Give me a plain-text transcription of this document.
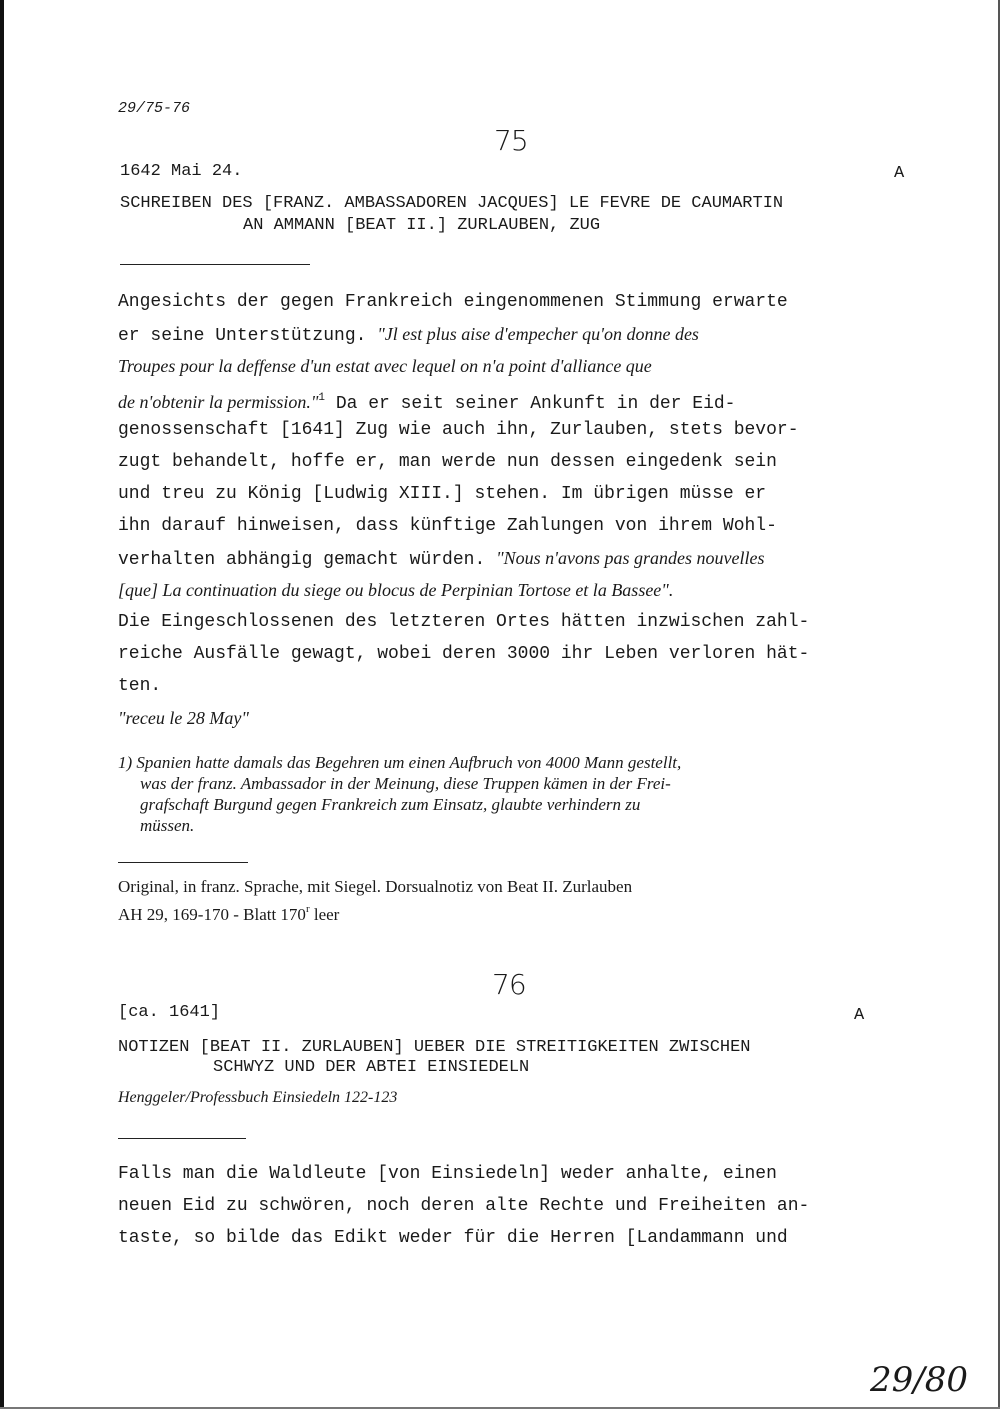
29/75-76
75
1642 Mai 24.	A
SCHREIBEN DES [FRANZ. AMBASSADOREN JACQUES] LE FEVRE DE CAUMARTIN
AN AMMANN [BEAT II.] ZURLAUBEN, ZUG
Angesichts der gegen Frankreich eingenommenen Stimmung erwarte
er seine Unterstützung. "Jl est plus aise d'empecher qu'on donne des
Troupes pour la deffense d'un estat avec lequel on n'a point d'alliance que
de n'obtenir la permission."$^1$ Da er seit seiner Ankunft in der Eid-
genossenschaft [1641] Zug wie auch ihn, Zurlauben, stets bevor-
zugt behandelt, hoffe er, man werde nun dessen eingedenk sein
und treu zu König [Ludwig XIII.] stehen. Im übrigen müsse er
ihn darauf hinweisen, dass künftige Zahlungen von ihrem Wohl-
verhalten abhängig gemacht würden. "Nous n'avons pas grandes nouvelles
[que] La continuation du siege ou blocus de Perpinian Tortose et la Bassee".
Die Eingeschlossenen des letzteren Ortes hätten inzwischen zahl-
reiche Ausfälle gewagt, wobei deren 3000 ihr Leben verloren hät-
ten.
"receu le 28 May"
1) Spanien hatte damals das Begehren um einen Aufbruch von 4000 Mann gestellt,
was der franz. Ambassador in der Meinung, diese Truppen kämen in der Frei-
grafschaft Burgund gegen Frankreich zum Einsatz, glaubte verhindern zu
müssen.
Original, in franz. Sprache, mit Siegel. Dorsualnotiz von Beat II. Zurlauben
AH 29, 169-170 - Blatt 170$^r$ leer
76
[ca. 1641]	A
NOTIZEN [BEAT II. ZURLAUBEN] UEBER DIE STREITIGKEITEN ZWISCHEN
SCHWYZ UND DER ABTEI EINSIEDELN
Henggeler/Professbuch Einsiedeln 122-123
Falls man die Waldleute [von Einsiedeln] weder anhalte, einen
neuen Eid zu schwören, noch deren alte Rechte und Freiheiten an-
taste, so bilde das Edikt weder für die Herren [Landammann und
29/80
